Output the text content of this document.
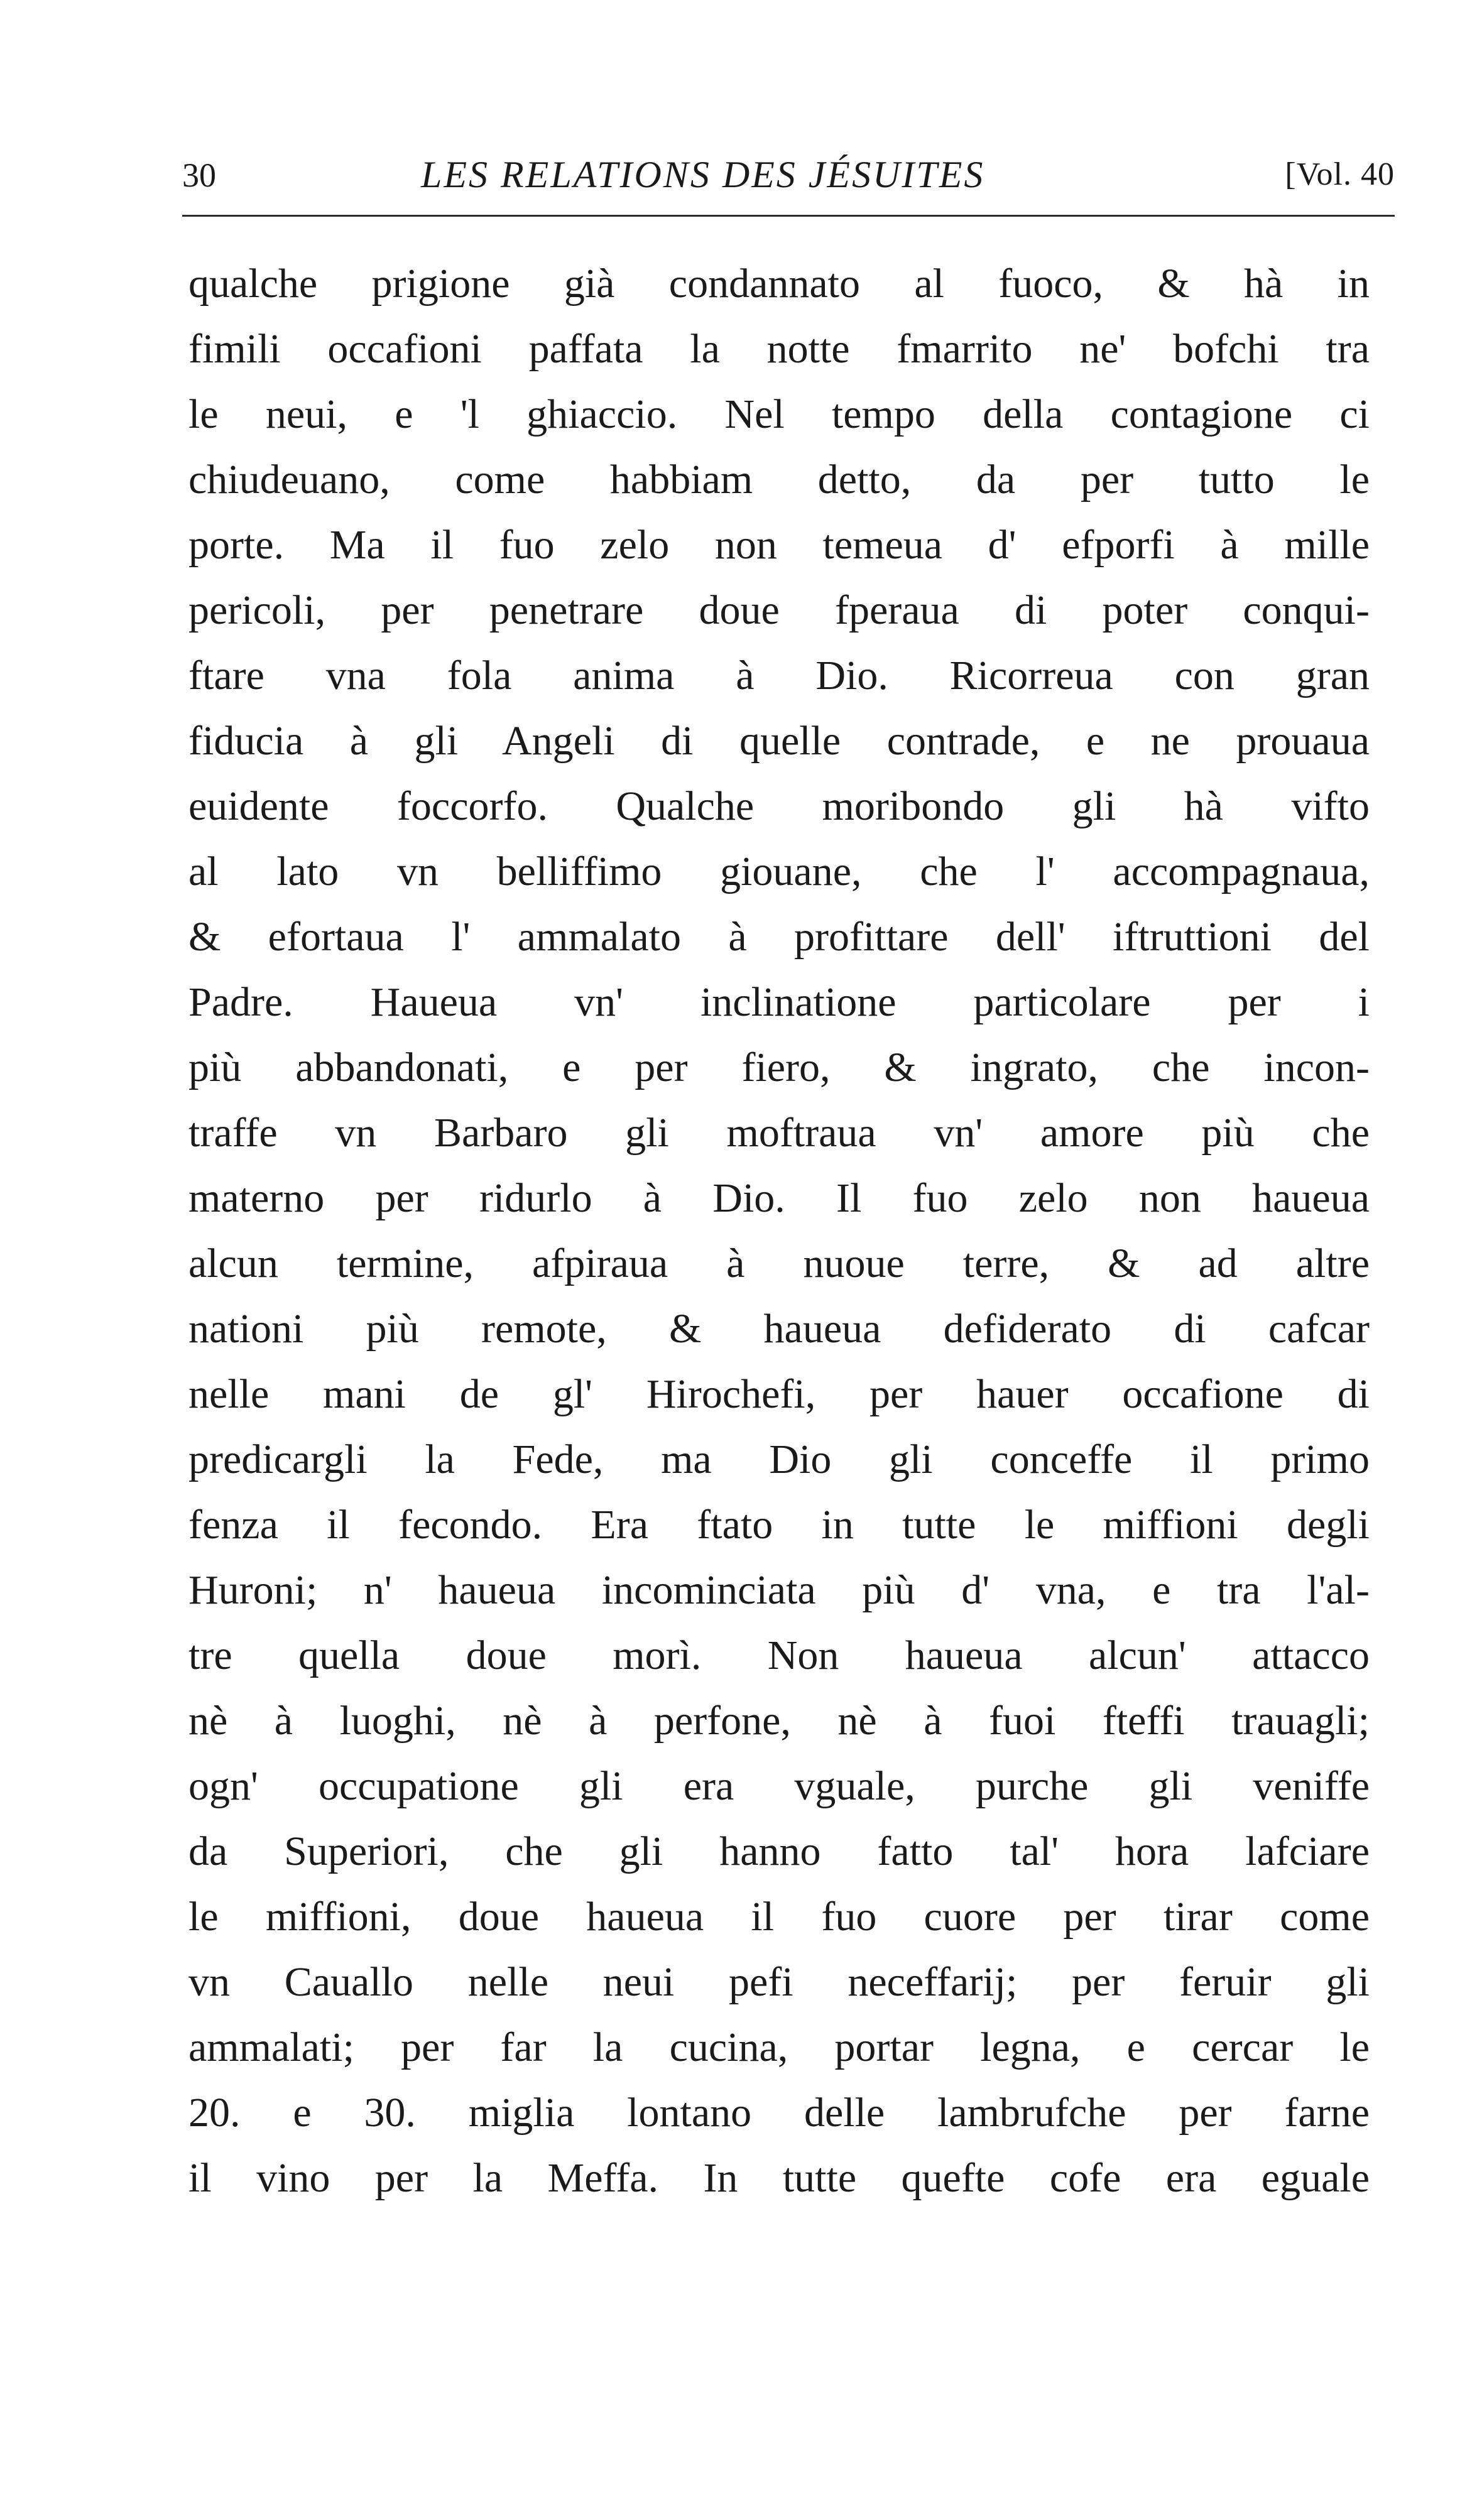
30	LES RELATIONS DES JÉSUITES	[Vol. 40
qualche prigione già condannato al fuoco, & hà in
fimili occafioni paffata la notte fmarrito ne' bofchi tra
le neui, e 'l ghiaccio. Nel tempo della contagione ci
chiudeuano, come habbiam detto, da per tutto le
porte. Ma il fuo zelo non temeua d' efporfi à mille
pericoli, per penetrare doue fperaua di poter conqui-
ftare vna fola anima à Dio. Ricorreua con gran
fiducia à gli Angeli di quelle contrade, e ne prouaua
euidente foccorfo. Qualche moribondo gli hà vifto
al lato vn belliffimo giouane, che l' accompagnaua,
& efortaua l' ammalato à profittare dell' iftruttioni del
Padre. Haueua vn' inclinatione particolare per i
più abbandonati, e per fiero, & ingrato, che incon-
traffe vn Barbaro gli moftraua vn' amore più che
materno per ridurlo à Dio. Il fuo zelo non haueua
alcun termine, afpiraua à nuoue terre, & ad altre
nationi più remote, & haueua defiderato di cafcar
nelle mani de gl' Hirochefi, per hauer occafione di
predicargli la Fede, ma Dio gli conceffe il primo
fenza il fecondo. Era ftato in tutte le miffioni degli
Huroni; n' haueua incominciata più d' vna, e tra l'al-
tre quella doue morì. Non haueua alcun' attacco
nè à luoghi, nè à perfone, nè à fuoi fteffi trauagli;
ogn' occupatione gli era vguale, purche gli veniffe
da Superiori, che gli hanno fatto tal' hora lafciare
le miffioni, doue haueua il fuo cuore per tirar come
vn Cauallo nelle neui pefi neceffarij; per feruir gli
ammalati; per far la cucina, portar legna, e cercar le
20. e 30. miglia lontano delle lambrufche per farne
il vino per la Meffa. In tutte quefte cofe era eguale
